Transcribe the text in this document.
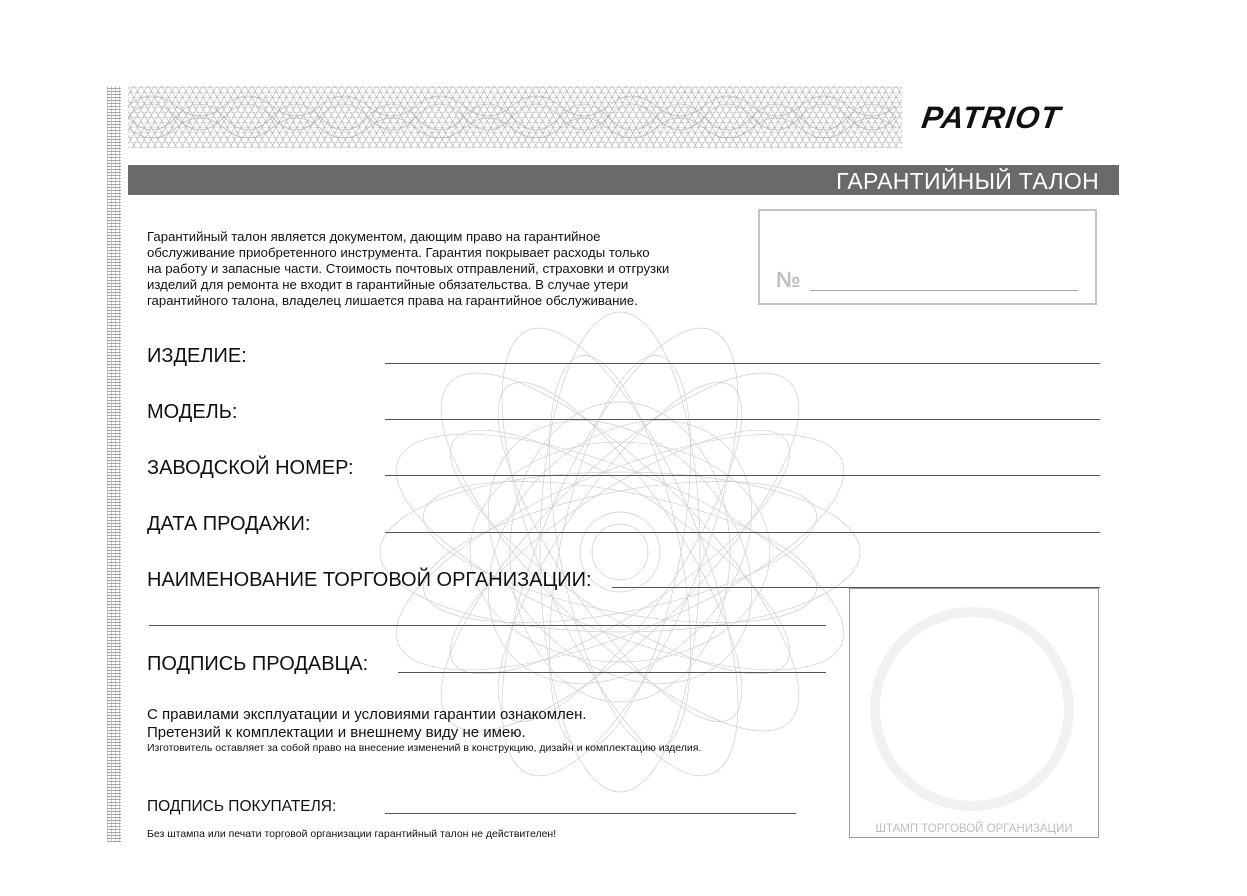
PATRIOT
ГАРАНТИЙНЫЙ ТАЛОН
Гарантийный талон является документом, дающим право на гарантийное
обслуживание приобретенного инструмента. Гарантия покрывает расходы только
на работу и запасные части. Стоимость почтовых отправлений, страховки и отгрузки
изделий для ремонта не входит в гарантийные обязательства. В случае утери
гарантийного талона, владелец лишается права на гарантийное обслуживание.
№
ИЗДЕЛИЕ:
МОДЕЛЬ:
ЗАВОДСКОЙ НОМЕР:
ДАТА ПРОДАЖИ:
НАИМЕНОВАНИЕ ТОРГОВОЙ ОРГАНИЗАЦИИ:
ПОДПИСЬ ПРОДАВЦА:
ШТАМП ТОРГОВОЙ ОРГАНИЗАЦИИ
С правилами эксплуатации и условиями гарантии ознакомлен.
Претензий к комплектации и внешнему виду не имею.
Изготовитель оставляет за собой право на внесение изменений в конструкцию, дизайн и комплектацию изделия.
ПОДПИСЬ ПОКУПАТЕЛЯ:
Без штампа или печати торговой организации гарантийный талон не действителен!
